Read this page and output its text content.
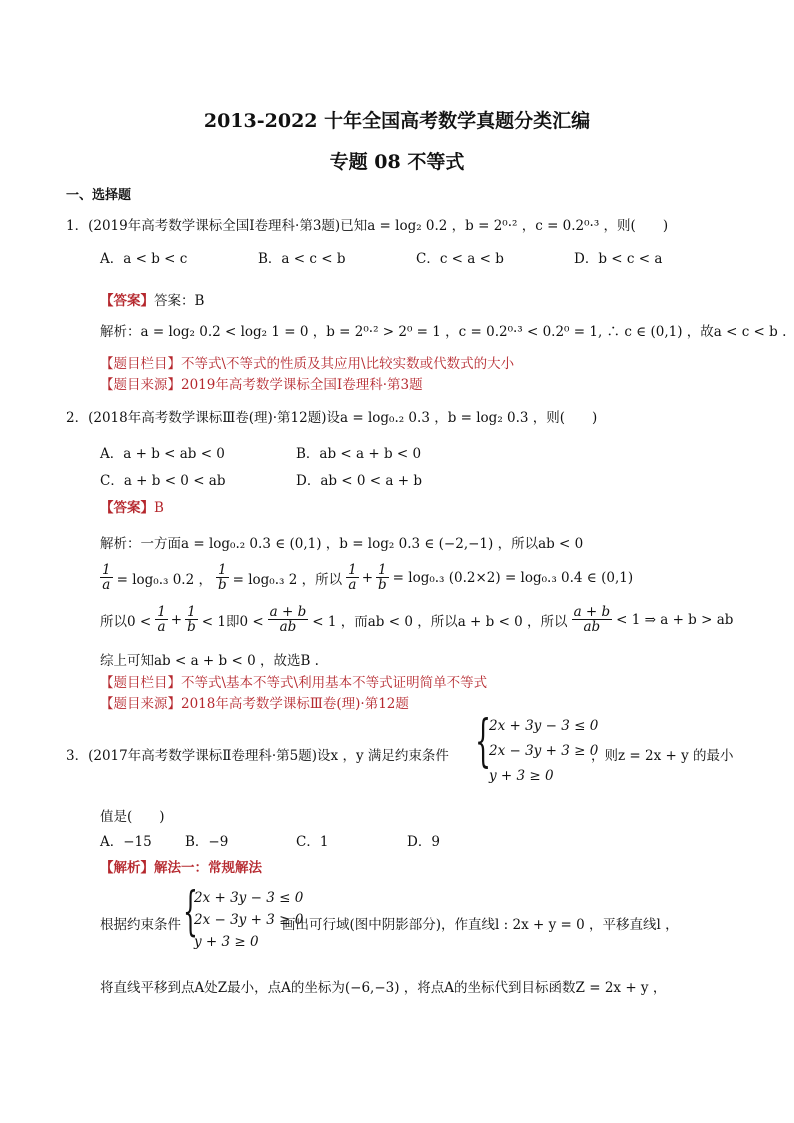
2013-2022 十年全国高考数学真题分类汇编
专题 08 不等式
一、选择题
1．(2019年高考数学课标全国Ⅰ卷理科·第3题)已知a = log₂ 0.2 ，b = 2⁰·² ，c = 0.2⁰·³ ，则(　　)
A．a < b < c	B．a < c < b	C．c < a < b	D．b < c < a
【答案】答案：B
解析：a = log₂ 0.2 < log₂ 1 = 0 ，b = 2⁰·² > 2⁰ = 1 ，c = 0.2⁰·³ < 0.2⁰ = 1, ∴ c ∈ (0,1) ，故a < c < b .
【题目栏目】不等式\不等式的性质及其应用\比较实数或代数式的大小
【题目来源】2019年高考数学课标全国Ⅰ卷理科·第3题
2．(2018年高考数学课标Ⅲ卷(理)·第12题)设a = log₀.₂ 0.3 ，b = log₂ 0.3 ，则(　　)
A．a + b < ab < 0	B．ab < a + b < 0
C．a + b < 0 < ab	D．ab < 0 < a + b
【答案】B
解析：一方面a = log₀.₂ 0.3 ∈ (0,1) ，b = log₂ 0.3 ∈ (−2,−1) ，所以ab < 0
$\frac{1}{a} = \log_0._3$ 0.2 ， $\frac{1}{b} = \log_0._3$ 2 ，所以 $\frac{1}{a} + \frac{1}{b} = \log_0._3$ (0.2×2) = log₀.₃ 0.4 ∈ (0,1)
所以$0 < \frac{1}{a} + \frac{1}{b} < 1$即$0 < \frac{a + b}{ab} < 1$ ，而ab < 0 ，所以a + b < 0 ，所以 $\frac{a + b}{ab} < 1$ ⇒ a + b > ab
综上可知ab < a + b < 0 ，故选B .
【题目栏目】不等式\基本不等式\利用基本不等式证明简单不等式
【题目来源】2018年高考数学课标Ⅲ卷(理)·第12题
3．(2017年高考数学课标Ⅱ卷理科·第5题)设x ，y 满足约束条件 {
2x + 3y − 3 ≤ 0
2x − 3y + 3 ≥ 0
y + 3 ≥ 0
，则z = 2x + y 的最小
值是(　　)
A．−15 B．−9	C．1	D．9
【解析】解法一：常规解法
根据约束条件 {
2x + 3y − 3 ≤ 0
2x − 3y + 3 ≥ 0
y + 3 ≥ 0
画出可行域(图中阴影部分)，作直线l : 2x + y = 0 ，平移直线l ，
将直线平移到点A处Z最小，点A的坐标为(−6,−3) ，将点A的坐标代到目标函数Z = 2x + y ，
